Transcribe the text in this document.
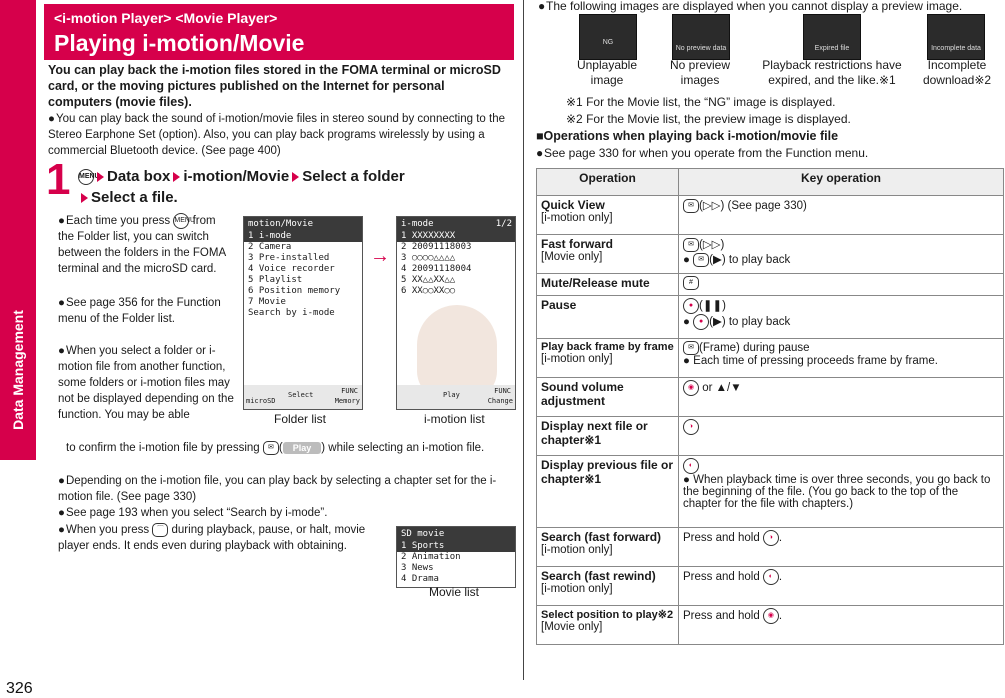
Data Management
326
<i-motion Player> <Movie Player>
Playing i-motion/Movie
You can play back the i-motion files stored in the FOMA terminal or microSD card, or the moving pictures published on the Internet for personal computers (movie files).
●You can play back the sound of i-motion/movie files in stereo sound by connecting to the Stereo Earphone Set (option). Also, you can play back programs wirelessly by using a commercial Bluetooth device. (See page 400)
1 MENU Data box i-motion/Movie Select a folder
Select a file.
●Each time you press MENU from the Folder list, you can switch between the folders in the FOMA terminal and the microSD card.
●See page 356 for the Function menu of the Folder list.
●When you select a folder or i-motion file from another function, some folders or i-motion files may not be displayed depending on the function. You may be able
to confirm the i-motion file by pressing ✉ ( Play ) while selecting an i-motion file.
●Depending on the i-motion file, you can play back by selecting a chapter set for the i-motion file. (See page 330)
●See page 193 when you select “Search by i-mode”.
●When you press ⌒ during playback, pause, or halt, movie player ends. It ends even during playback with obtaining.
motion/Movie
1 i-mode
2 Camera
3 Pre-installed
4 Voice recorder
5 Playlist
6 Position memory
7 Movie
Search by i-mode
microSD
Select	FUNC
Memory
Folder list
→
i-mode	1/2
1 XXXXXXXX
2 20091118003
3 ○○○○△△△△
4 20091118004
5 XX△△XX△△
6 XX○○XX○○
Play	FUNC
Change
i-motion list
SD movie
1 Sports
2 Animation
3 News
4 Drama
Movie list
●The following images are displayed when you cannot display a preview image.
NG
No preview data	Expired file	Incomplete data
Unplayable
image
No preview
images
Playback restrictions have
expired, and the like.※1
Incomplete
download※2
※1 For the Movie list, the “NG” image is displayed.
※2 For the Movie list, the preview image is displayed.
■Operations when playing back i-motion/movie file
●See page 330 for when you operate from the Function menu.
Operation	Key operation

Quick View
[i-motion only]	✉ (▷▷) (See page 330)

Fast forward
[Movie only]	✉ (▷▷)
● ✉ (▶) to play back

Mute/Release mute	#

Pause	● (❚❚)
● ● (▶) to play back

Play back frame by frame
[i-motion only]	✉ (Frame) during pause
● Each time of pressing proceeds frame by frame.

Sound volume adjustment	◉ or ▲/▼

Display next file or chapter※1	◑

Display previous file or chapter※1	◐
● When playback time is over three seconds, you go back to the beginning of the file. (You go back to the top of the chapter for the file with chapters.)

Search (fast forward)
[i-motion only]	Press and hold ◑ .

Search (fast rewind)
[i-motion only]	Press and hold ◐ .

Select position to play※2
[Movie only]	Press and hold ◉ .
